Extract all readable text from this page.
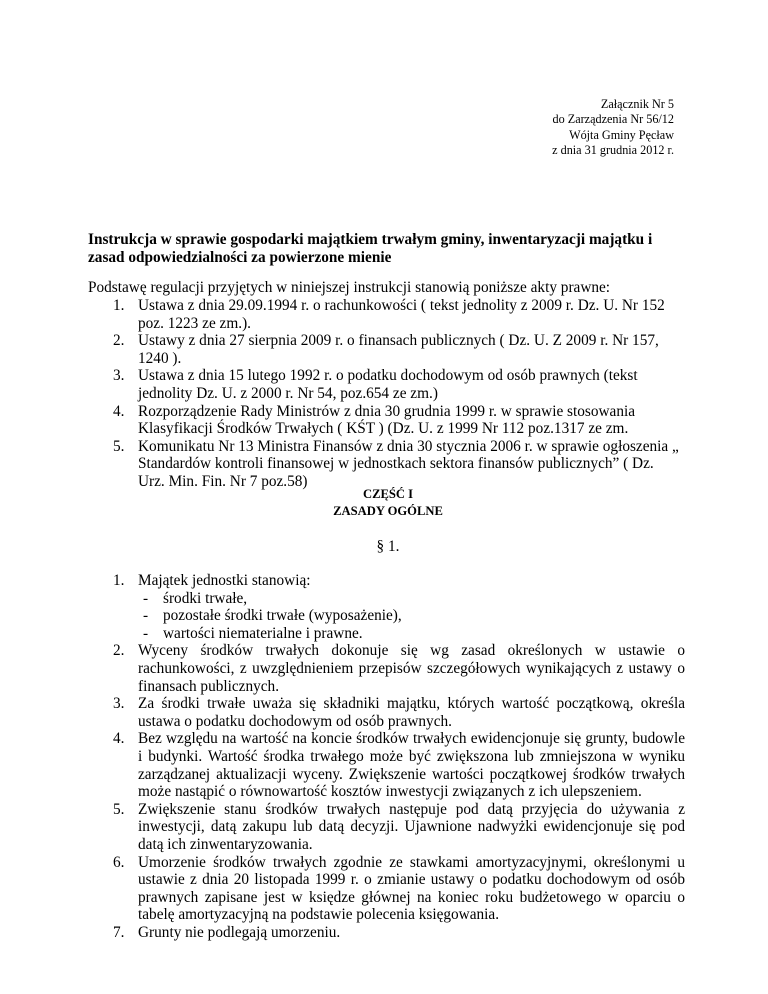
Załącznik Nr 5
do Zarządzenia Nr 56/12
Wójta Gminy Pęcław
z dnia 31 grudnia 2012 r.
Instrukcja w sprawie gospodarki majątkiem trwałym gminy, inwentaryzacji majątku i zasad odpowiedzialności za powierzone mienie
Podstawę regulacji przyjętych w niniejszej instrukcji stanowią poniższe akty prawne:
1. Ustawa z dnia 29.09.1994 r. o rachunkowości ( tekst jednolity z 2009 r. Dz. U. Nr 152 poz. 1223 ze zm.).
2. Ustawy z dnia 27 sierpnia 2009 r. o finansach publicznych ( Dz. U. Z 2009 r. Nr 157, 1240 ).
3. Ustawa z dnia 15 lutego 1992 r. o podatku dochodowym od osób prawnych (tekst jednolity Dz. U. z 2000 r. Nr 54, poz.654 ze zm.)
4. Rozporządzenie Rady Ministrów z dnia 30 grudnia 1999 r. w sprawie stosowania Klasyfikacji Środków Trwałych ( KŚT ) (Dz. U. z 1999 Nr 112 poz.1317 ze zm.
5. Komunikatu Nr 13 Ministra Finansów z dnia 30 stycznia 2006 r. w sprawie ogłoszenia „ Standardów kontroli finansowej w jednostkach sektora finansów publicznych” ( Dz. Urz. Min. Fin. Nr 7 poz.58)
CZĘŚĆ I
ZASADY OGÓLNE
§ 1.
1. Majątek jednostki stanowią:
- środki trwałe,
- pozostałe środki trwałe (wyposażenie),
- wartości niematerialne i prawne.
2. Wyceny środków trwałych dokonuje się wg zasad określonych w ustawie o rachunkowości, z uwzględnieniem przepisów szczegółowych wynikających z ustawy o finansach publicznych.
3. Za środki trwałe uważa się składniki majątku, których wartość początkową, określa ustawa o podatku dochodowym od osób prawnych.
4. Bez względu na wartość na koncie środków trwałych ewidencjonuje się grunty, budowle i budynki. Wartość środka trwałego może być zwiększona lub zmniejszona w wyniku zarządzanej aktualizacji wyceny. Zwiększenie wartości początkowej środków trwałych może nastąpić o równowartość kosztów inwestycji związanych z ich ulepszeniem.
5. Zwiększenie stanu środków trwałych następuje pod datą przyjęcia do używania z inwestycji, datą zakupu lub datą decyzji. Ujawnione nadwyżki ewidencjonuje się pod datą ich zinwentaryzowania.
6. Umorzenie środków trwałych zgodnie ze stawkami amortyzacyjnymi, określonymi u ustawie z dnia 20 listopada 1999 r. o zmianie ustawy o podatku dochodowym od osób prawnych zapisane jest w księdze głównej na koniec roku budżetowego w oparciu o tabelę amortyzacyjną na podstawie polecenia księgowania.
7. Grunty nie podlegają umorzeniu.
